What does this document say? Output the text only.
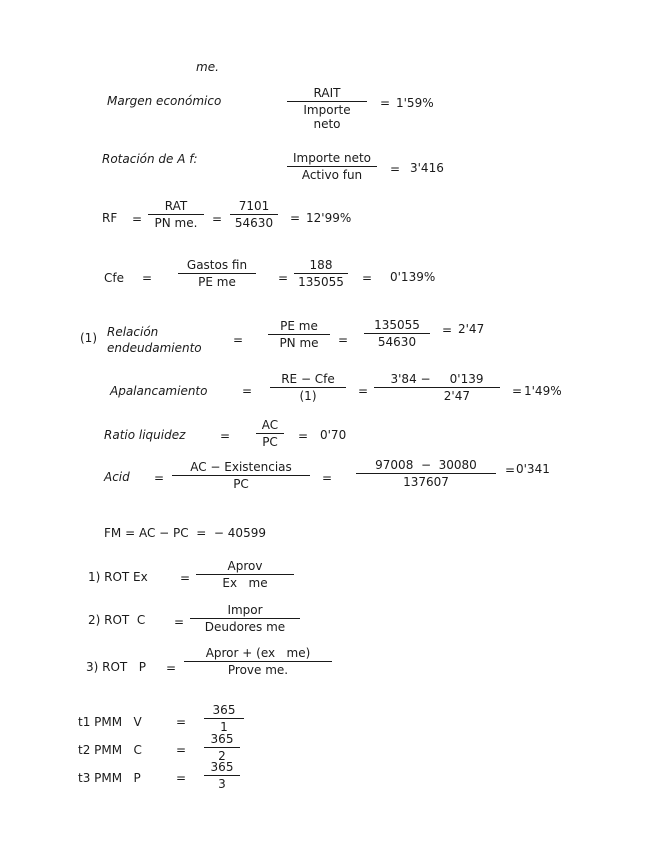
me.
Margen económico
RAIT
Importe
neto
= 1'59%
Rotación de A f:	Importe neto
Activo fun = 3'416
RF =
RAT
PN me. =
7101
54630 = 12'99%
Cfe =
Gastos fin
PE me	=
188
135055 = 0'139%
(1) Relación
endeudamiento
=
PE me
PN me =
135055
54630
= 2'47
Apalancamiento	=
RE − Cfe
(1)	=
3'84 −     0'139
2'47	= 1'49%
Ratio liquidez	=
AC
PC = 0'70
Acid =
AC − Existencias
PC	=
97008  −  30080
137607
= 0'341
FM = AC − PC  =  − 40599
1) ROT Ex	=
Aprov
Ex   me
2) ROT  C =
Impor
Deudores me
3) ROT   P =
Apror + (ex   me)
Prove me.
t1 PMM   V	=
365
1
t2 PMM   C	=
365
2
t3 PMM   P	=
365
3
